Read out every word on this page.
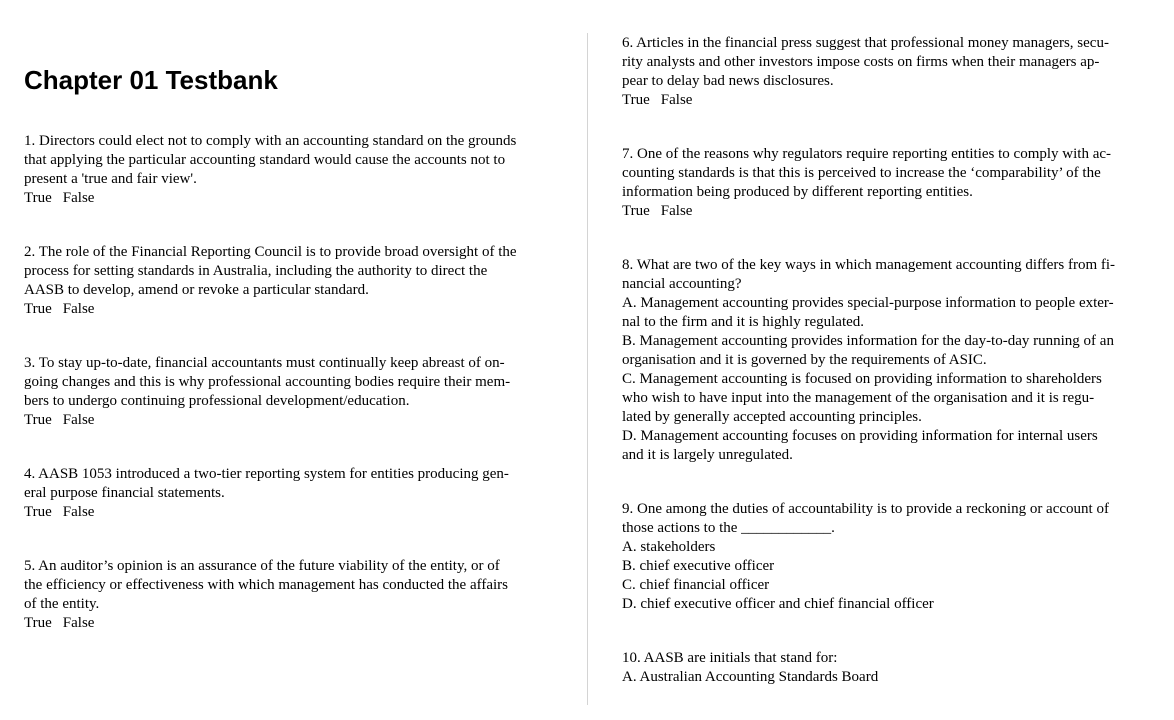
Chapter 01 Testbank
1. Directors could elect not to comply with an accounting standard on the grounds
that applying the particular accounting standard would cause the accounts not to
present a 'true and fair view'.
True False
2. The role of the Financial Reporting Council is to provide broad oversight of the
process for setting standards in Australia, including the authority to direct the
AASB to develop, amend or revoke a particular standard.
True False
3. To stay up-to-date, financial accountants must continually keep abreast of on-
going changes and this is why professional accounting bodies require their mem-
bers to undergo continuing professional development/education.
True False
4. AASB 1053 introduced a two-tier reporting system for entities producing gen-
eral purpose financial statements.
True False
5. An auditor’s opinion is an assurance of the future viability of the entity, or of
the efficiency or effectiveness with which management has conducted the affairs
of the entity.
True False
6. Articles in the financial press suggest that professional money managers, secu-
rity analysts and other investors impose costs on firms when their managers ap-
pear to delay bad news disclosures.
True False
7. One of the reasons why regulators require reporting entities to comply with ac-
counting standards is that this is perceived to increase the ‘comparability’ of the
information being produced by different reporting entities.
True False
8. What are two of the key ways in which management accounting differs from fi-
nancial accounting?
A. Management accounting provides special-purpose information to people exter-
nal to the firm and it is highly regulated.
B. Management accounting provides information for the day-to-day running of an
organisation and it is governed by the requirements of ASIC.
C. Management accounting is focused on providing information to shareholders
who wish to have input into the management of the organisation and it is regu-
lated by generally accepted accounting principles.
D. Management accounting focuses on providing information for internal users
and it is largely unregulated.
9. One among the duties of accountability is to provide a reckoning or account of
those actions to the ____________.
A. stakeholders
B. chief executive officer
C. chief financial officer
D. chief executive officer and chief financial officer
10. AASB are initials that stand for:
A. Australian Accounting Standards Board
